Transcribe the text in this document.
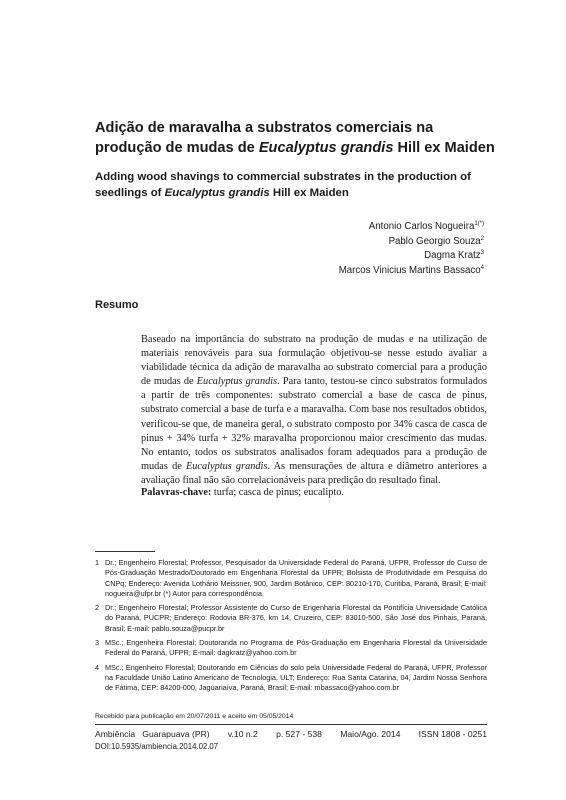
Adição de maravalha a substratos comerciais na produção de mudas de Eucalyptus grandis Hill ex Maiden
Adding wood shavings to commercial substrates in the production of seedlings of Eucalyptus grandis Hill ex Maiden
Antonio Carlos Nogueira$^{1(*)}$
Pablo Georgio Souza$^2$
Dagma Kratz$^3$
Marcos Vinicius Martins Bassaco$^4$
Resumo

Baseado na importância do substrato na produção de mudas e na utilização de materiais renováveis para sua formulação objetivou-se nesse estudo avaliar a viabilidade técnica da adição de maravalha ao substrato comercial para a produção de mudas de Eucalyptus grandis. Para tanto, testou-se cinco substratos formulados a partir de três componentes: substrato comercial a base de casca de pinus, substrato comercial a base de turfa e a maravalha. Com base nos resultados obtidos, verificou-se que, de maneira geral, o substrato composto por 34% casca de casca de pinus + 34% turfa + 32% maravalha proporcionou maior crescimento das mudas. No entanto, todos os substratos analisados foram adequados para a produção de mudas de Eucalyptus grandis. As mensurações de altura e diâmetro anteriores a avaliação final não são correlacionáveis para predição do resultado final.

Palavras-chave: turfa; casca de pinus; eucalipto.
1 Dr.; Engenheiro Florestal; Professor, Pesquisador da Universidade Federal do Paraná, UFPR, Professor do Curso de Pós-Graduação Mestrado/Doutorado em Engenharia Florestal da UFPR; Bolsista de Produtividade em Pesquisa do CNPq; Endereço: Avenida Lothário Meissner, 900, Jardim Botânico, CEP: 80210-170, Curitiba, Paraná, Brasil; E-mail: nogueira@ufpr.br (*) Autor para correspondência.
2 Dr.; Engenheiro Florestal; Professor Assistente do Curso de Engenharia Florestal da Pontifícia Universidade Católica do Paraná, PUCPR; Endereço: Rodovia BR-376, km 14, Cruzeiro, CEP: 83010-500, São José dos Pinhais, Paraná, Brasil; E-mail: pablo.souza@pucpr.br
3 MSc.; Engenheira Florestal; Doutoranda no Programa de Pós-Graduação em Engenharia Florestal da Universidade Federal do Paraná, UFPR; E-mail: dagkratz@yahoo.com.br
4 MSc.; Engenheiro Florestal; Doutorando em Ciências do solo pela Universidade Federal do Paraná, UFPR, Professor na Faculdade União Latino Americano de Tecnologia, ULT; Endereço: Rua Santa Catarina, 04, Jardim Nossa Senhora de Fátima, CEP: 84200-000, Jaguariaíva, Paraná, Brasil; E-mail: mbassaco@yahoo.com.br
Recebido para publicação em 20/07/2011 e aceito em 05/05/2014
Ambiência   Guarapuava (PR) v.10 n.2 p. 527 - 538 Maio/Ago. 2014 ISSN 1808 - 0251
DOI:10.5935/ambiencia.2014.02.07
